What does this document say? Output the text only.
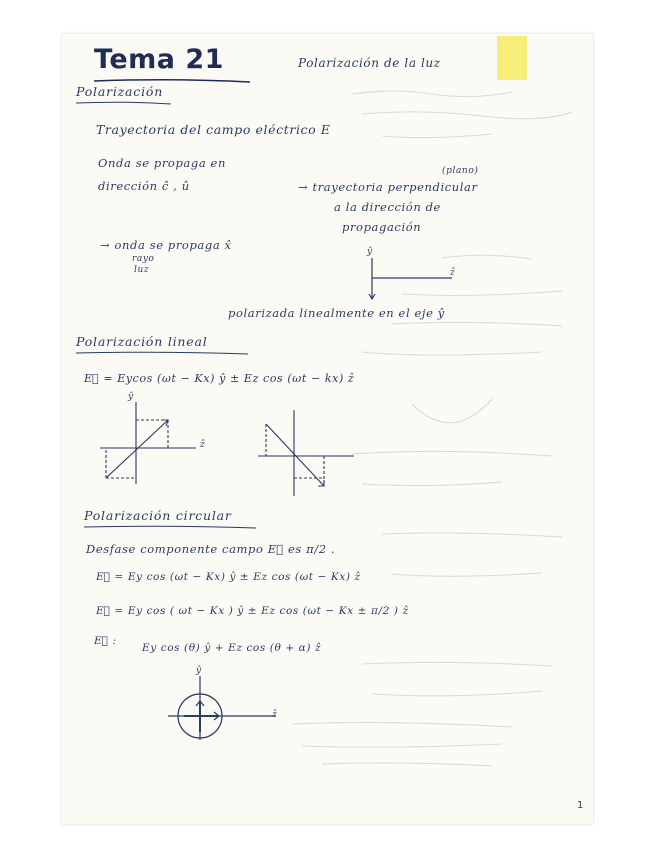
Tema 21	Polarización de la luz
Polarización
Trayectoria del campo eléctrico E
Onda se propaga en
dirección ĉ , û
(plano)
→ trayectoria perpendicular
a la dirección de
propagación
→ onda se propaga x̂
rayo
luz
ŷ
ẑ
polarizada linealmente en el eje ŷ
Polarización lineal
E⃗ = Eycos (ωt − Kx) ŷ ± Ez cos (ωt − kx) ẑ
ŷ
ẑ
Polarización circular
Desfase componente campo E⃗ es π/2 .
E⃗ = Ey cos (ωt − Kx) ŷ ± Ez cos (ωt − Kx) ẑ
E⃗ = Ey cos ( ωt − Kx ) ŷ ± Ez cos (ωt − Kx ± π/2 ) ẑ
E⃗ :
Ey cos (θ) ŷ + Ez cos (θ + α) ẑ
ŷ
ẑ
1
